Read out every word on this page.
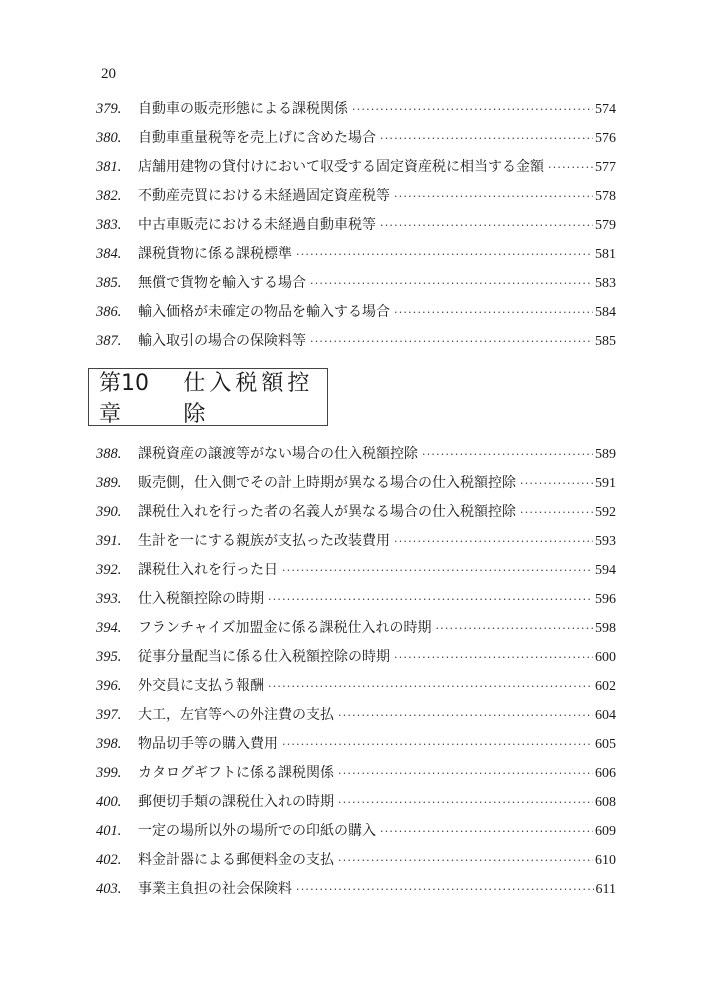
20
379.	自動車の販売形態による課税関係 ·····	574
380.	自動車重量税等を売上げに含めた場合 ·····	576
381.	店舗用建物の貸付けにおいて収受する固定資産税に相当する金額 ·····	577
382.	不動産売買における未経過固定資産税等 ·····	578
383.	中古車販売における未経過自動車税等 ·····	579
384.	課税貨物に係る課税標準 ·····	581
385.	無償で貨物を輸入する場合 ·····	583
386.	輸入価格が未確定の物品を輸入する場合 ·····	584
387.	輸入取引の場合の保険料等 ·····	585
第10章
仕入税額控除
388.	課税資産の譲渡等がない場合の仕入税額控除 ·····	589
389.	販売側，仕入側でその計上時期が異なる場合の仕入税額控除 ·····	591
390.	課税仕入れを行った者の名義人が異なる場合の仕入税額控除 ·····	592
391.	生計を一にする親族が支払った改装費用 ·····	593
392.	課税仕入れを行った日 ·····	594
393.	仕入税額控除の時期 ·····	596
394.	フランチャイズ加盟金に係る課税仕入れの時期 ·····	598
395.	従事分量配当に係る仕入税額控除の時期 ·····	600
396.	外交員に支払う報酬 ·····	602
397.	大工，左官等への外注費の支払 ·····	604
398.	物品切手等の購入費用 ·····	605
399.	カタログギフトに係る課税関係 ·····	606
400.	郵便切手類の課税仕入れの時期 ·····	608
401.	一定の場所以外の場所での印紙の購入 ·····	609
402.	料金計器による郵便料金の支払 ·····	610
403.	事業主負担の社会保険料 ·····	611
